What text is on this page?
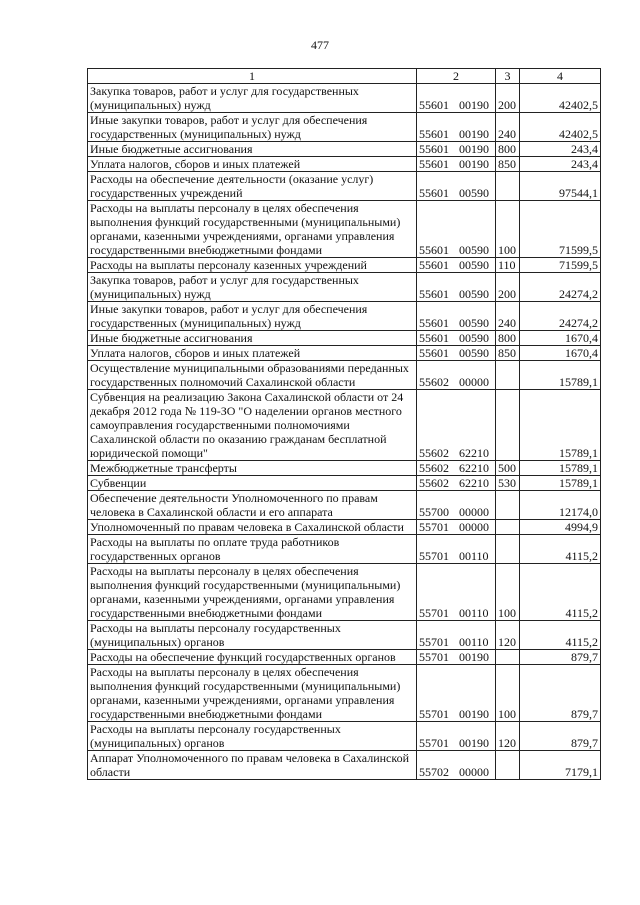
477
1	2	3	4
Закупка товаров, работ и услуг для государственных (муниципальных) нужд	55601 00190	200	42402,5
Иные закупки товаров, работ и услуг для обеспечения государственных (муниципальных) нужд	55601 00190	240	42402,5
Иные бюджетные ассигнования	55601 00190	800	243,4
Уплата налогов, сборов и иных платежей	55601 00190	850	243,4
Расходы на обеспечение деятельности (оказание услуг) государственных учреждений	55601 00590		97544,1
Расходы на выплаты персоналу в целях обеспечения выполнения функций государственными (муниципальными) органами, казенными учреждениями, органами управления государственными внебюджетными фондами	55601 00590	100	71599,5
Расходы на выплаты персоналу казенных учреждений	55601 00590	110	71599,5
Закупка товаров, работ и услуг для государственных (муниципальных) нужд	55601 00590	200	24274,2
Иные закупки товаров, работ и услуг для обеспечения государственных (муниципальных) нужд	55601 00590	240	24274,2
Иные бюджетные ассигнования	55601 00590	800	1670,4
Уплата налогов, сборов и иных платежей	55601 00590	850	1670,4
Осуществление муниципальными образованиями переданных государственных полномочий Сахалинской области	55602 00000		15789,1
Субвенция на реализацию Закона Сахалинской области от 24 декабря 2012 года № 119-ЗО "О наделении органов местного самоуправления государственными полномочиями Сахалинской области по оказанию гражданам бесплатной юридической помощи"	55602 62210		15789,1
Межбюджетные трансферты	55602 62210	500	15789,1
Субвенции	55602 62210	530	15789,1
Обеспечение деятельности Уполномоченного по правам человека в Сахалинской области и его аппарата	55700 00000		12174,0
Уполномоченный по правам человека в Сахалинской области	55701 00000		4994,9
Расходы на выплаты по оплате труда работников государственных органов	55701 00110		4115,2
Расходы на выплаты персоналу в целях обеспечения выполнения функций государственными (муниципальными) органами, казенными учреждениями, органами управления государственными внебюджетными фондами	55701 00110	100	4115,2
Расходы на выплаты персоналу государственных (муниципальных) органов	55701 00110	120	4115,2
Расходы на обеспечение функций государственных органов	55701 00190		879,7
Расходы на выплаты персоналу в целях обеспечения выполнения функций государственными (муниципальными) органами, казенными учреждениями, органами управления государственными внебюджетными фондами	55701 00190	100	879,7
Расходы на выплаты персоналу государственных (муниципальных) органов	55701 00190	120	879,7
Аппарат Уполномоченного по правам человека в Сахалинской области	55702 00000		7179,1
